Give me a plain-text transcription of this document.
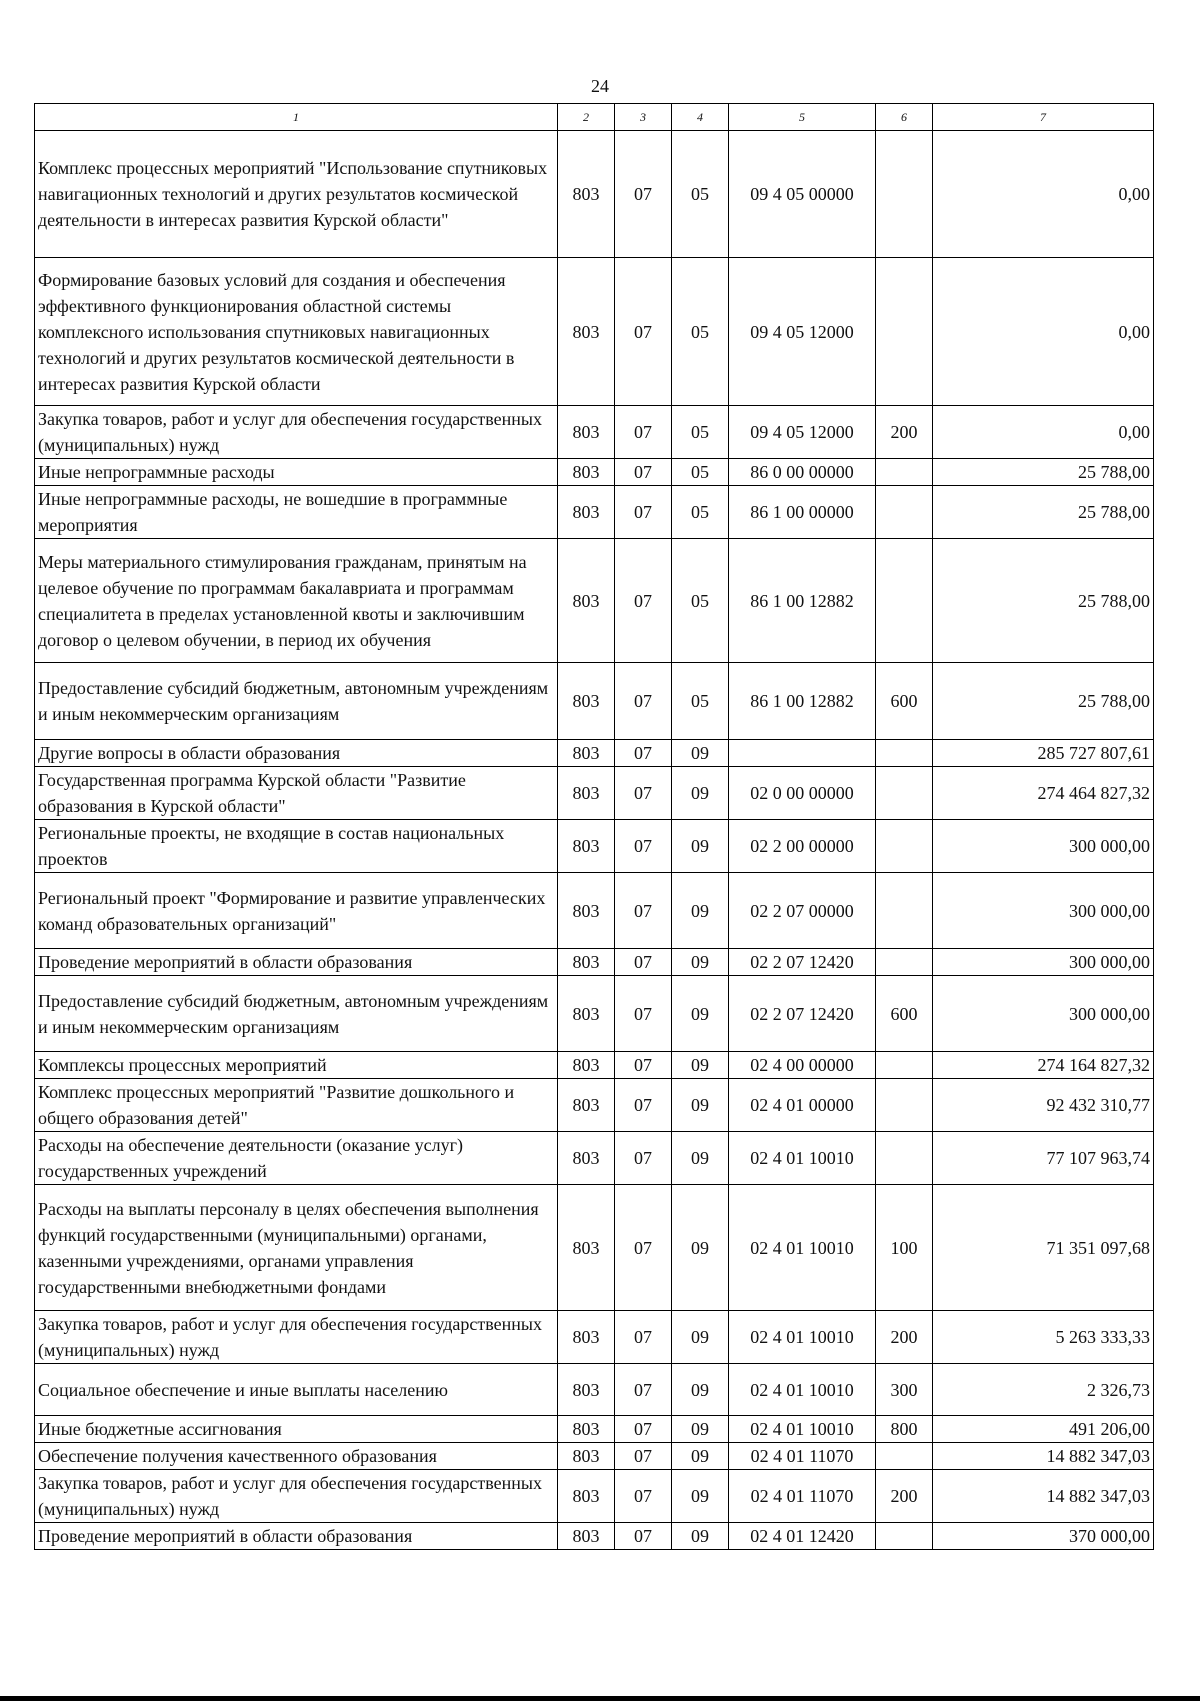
24
1	2	3	4	5	6	7
Комплекс процессных мероприятий "Использование спутниковых навигационных технологий и других результатов космической деятельности в интересах развития Курской области"	803	07	05	09 4 05 00000		0,00
Формирование базовых условий для создания и обеспечения эффективного функционирования областной системы комплексного использования спутниковых навигационных технологий и других результатов космической деятельности в интересах развития Курской области	803	07	05	09 4 05 12000		0,00
Закупка товаров, работ и услуг для обеспечения государственных (муниципальных) нужд	803	07	05	09 4 05 12000	200	0,00
Иные непрограммные расходы	803	07	05	86 0 00 00000		25 788,00
Иные непрограммные расходы, не вошедшие в программные мероприятия	803	07	05	86 1 00 00000		25 788,00
Меры материального стимулирования гражданам, принятым на целевое обучение по программам бакалавриата и программам специалитета в пределах установленной квоты и заключившим договор о целевом обучении, в период их обучения	803	07	05	86 1 00 12882		25 788,00
Предоставление субсидий бюджетным, автономным учреждениям и иным некоммерческим организациям	803	07	05	86 1 00 12882	600	25 788,00
Другие вопросы в области образования	803	07	09			285 727 807,61
Государственная программа Курской области "Развитие образования в Курской области"	803	07	09	02 0 00 00000		274 464 827,32
Региональные проекты, не входящие в состав национальных проектов	803	07	09	02 2 00 00000		300 000,00
Региональный проект "Формирование и развитие управленческих команд образовательных организаций"	803	07	09	02 2 07 00000		300 000,00
Проведение мероприятий в области образования	803	07	09	02 2 07 12420		300 000,00
Предоставление субсидий бюджетным, автономным учреждениям и иным некоммерческим организациям	803	07	09	02 2 07 12420	600	300 000,00
Комплексы процессных мероприятий	803	07	09	02 4 00 00000		274 164 827,32
Комплекс процессных мероприятий "Развитие дошкольного и общего образования детей"	803	07	09	02 4 01 00000		92 432 310,77
Расходы на обеспечение деятельности (оказание услуг) государственных учреждений	803	07	09	02 4 01 10010		77 107 963,74
Расходы на выплаты персоналу в целях обеспечения выполнения функций государственными (муниципальными) органами, казенными учреждениями, органами управления государственными внебюджетными фондами	803	07	09	02 4 01 10010	100	71 351 097,68
Закупка товаров, работ и услуг для обеспечения государственных (муниципальных) нужд	803	07	09	02 4 01 10010	200	5 263 333,33
Социальное обеспечение и иные выплаты населению	803	07	09	02 4 01 10010	300	2 326,73
Иные бюджетные ассигнования	803	07	09	02 4 01 10010	800	491 206,00
Обеспечение получения качественного образования	803	07	09	02 4 01 11070		14 882 347,03
Закупка товаров, работ и услуг для обеспечения государственных (муниципальных) нужд	803	07	09	02 4 01 11070	200	14 882 347,03
Проведение мероприятий в области образования	803	07	09	02 4 01 12420		370 000,00
